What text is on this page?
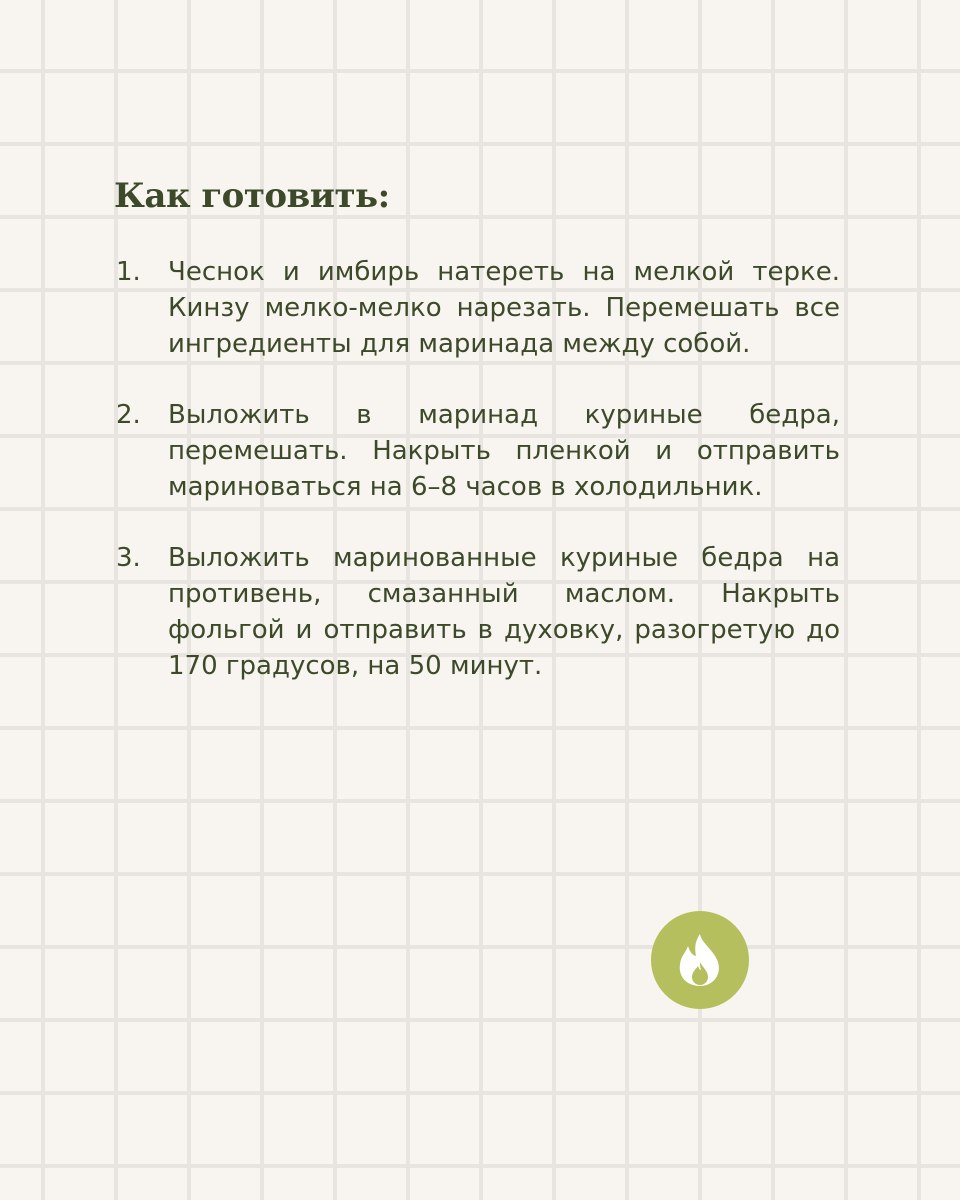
Как готовить:
1.	Чеснок и имбирь натереть на мелкой терке. Кинзу мелко-мелко нарезать. Перемешать все ингредиенты для маринада между собой.

2.	Выложить в маринад куриные бедра, перемешать. Накрыть пленкой и отправить мариноваться на 6–8 часов в холодильник.

3.	Выложить маринованные куриные бедра на противень, смазанный маслом. Накрыть фольгой и отправить в духовку, разогретую до 170 градусов, на 50 минут.
